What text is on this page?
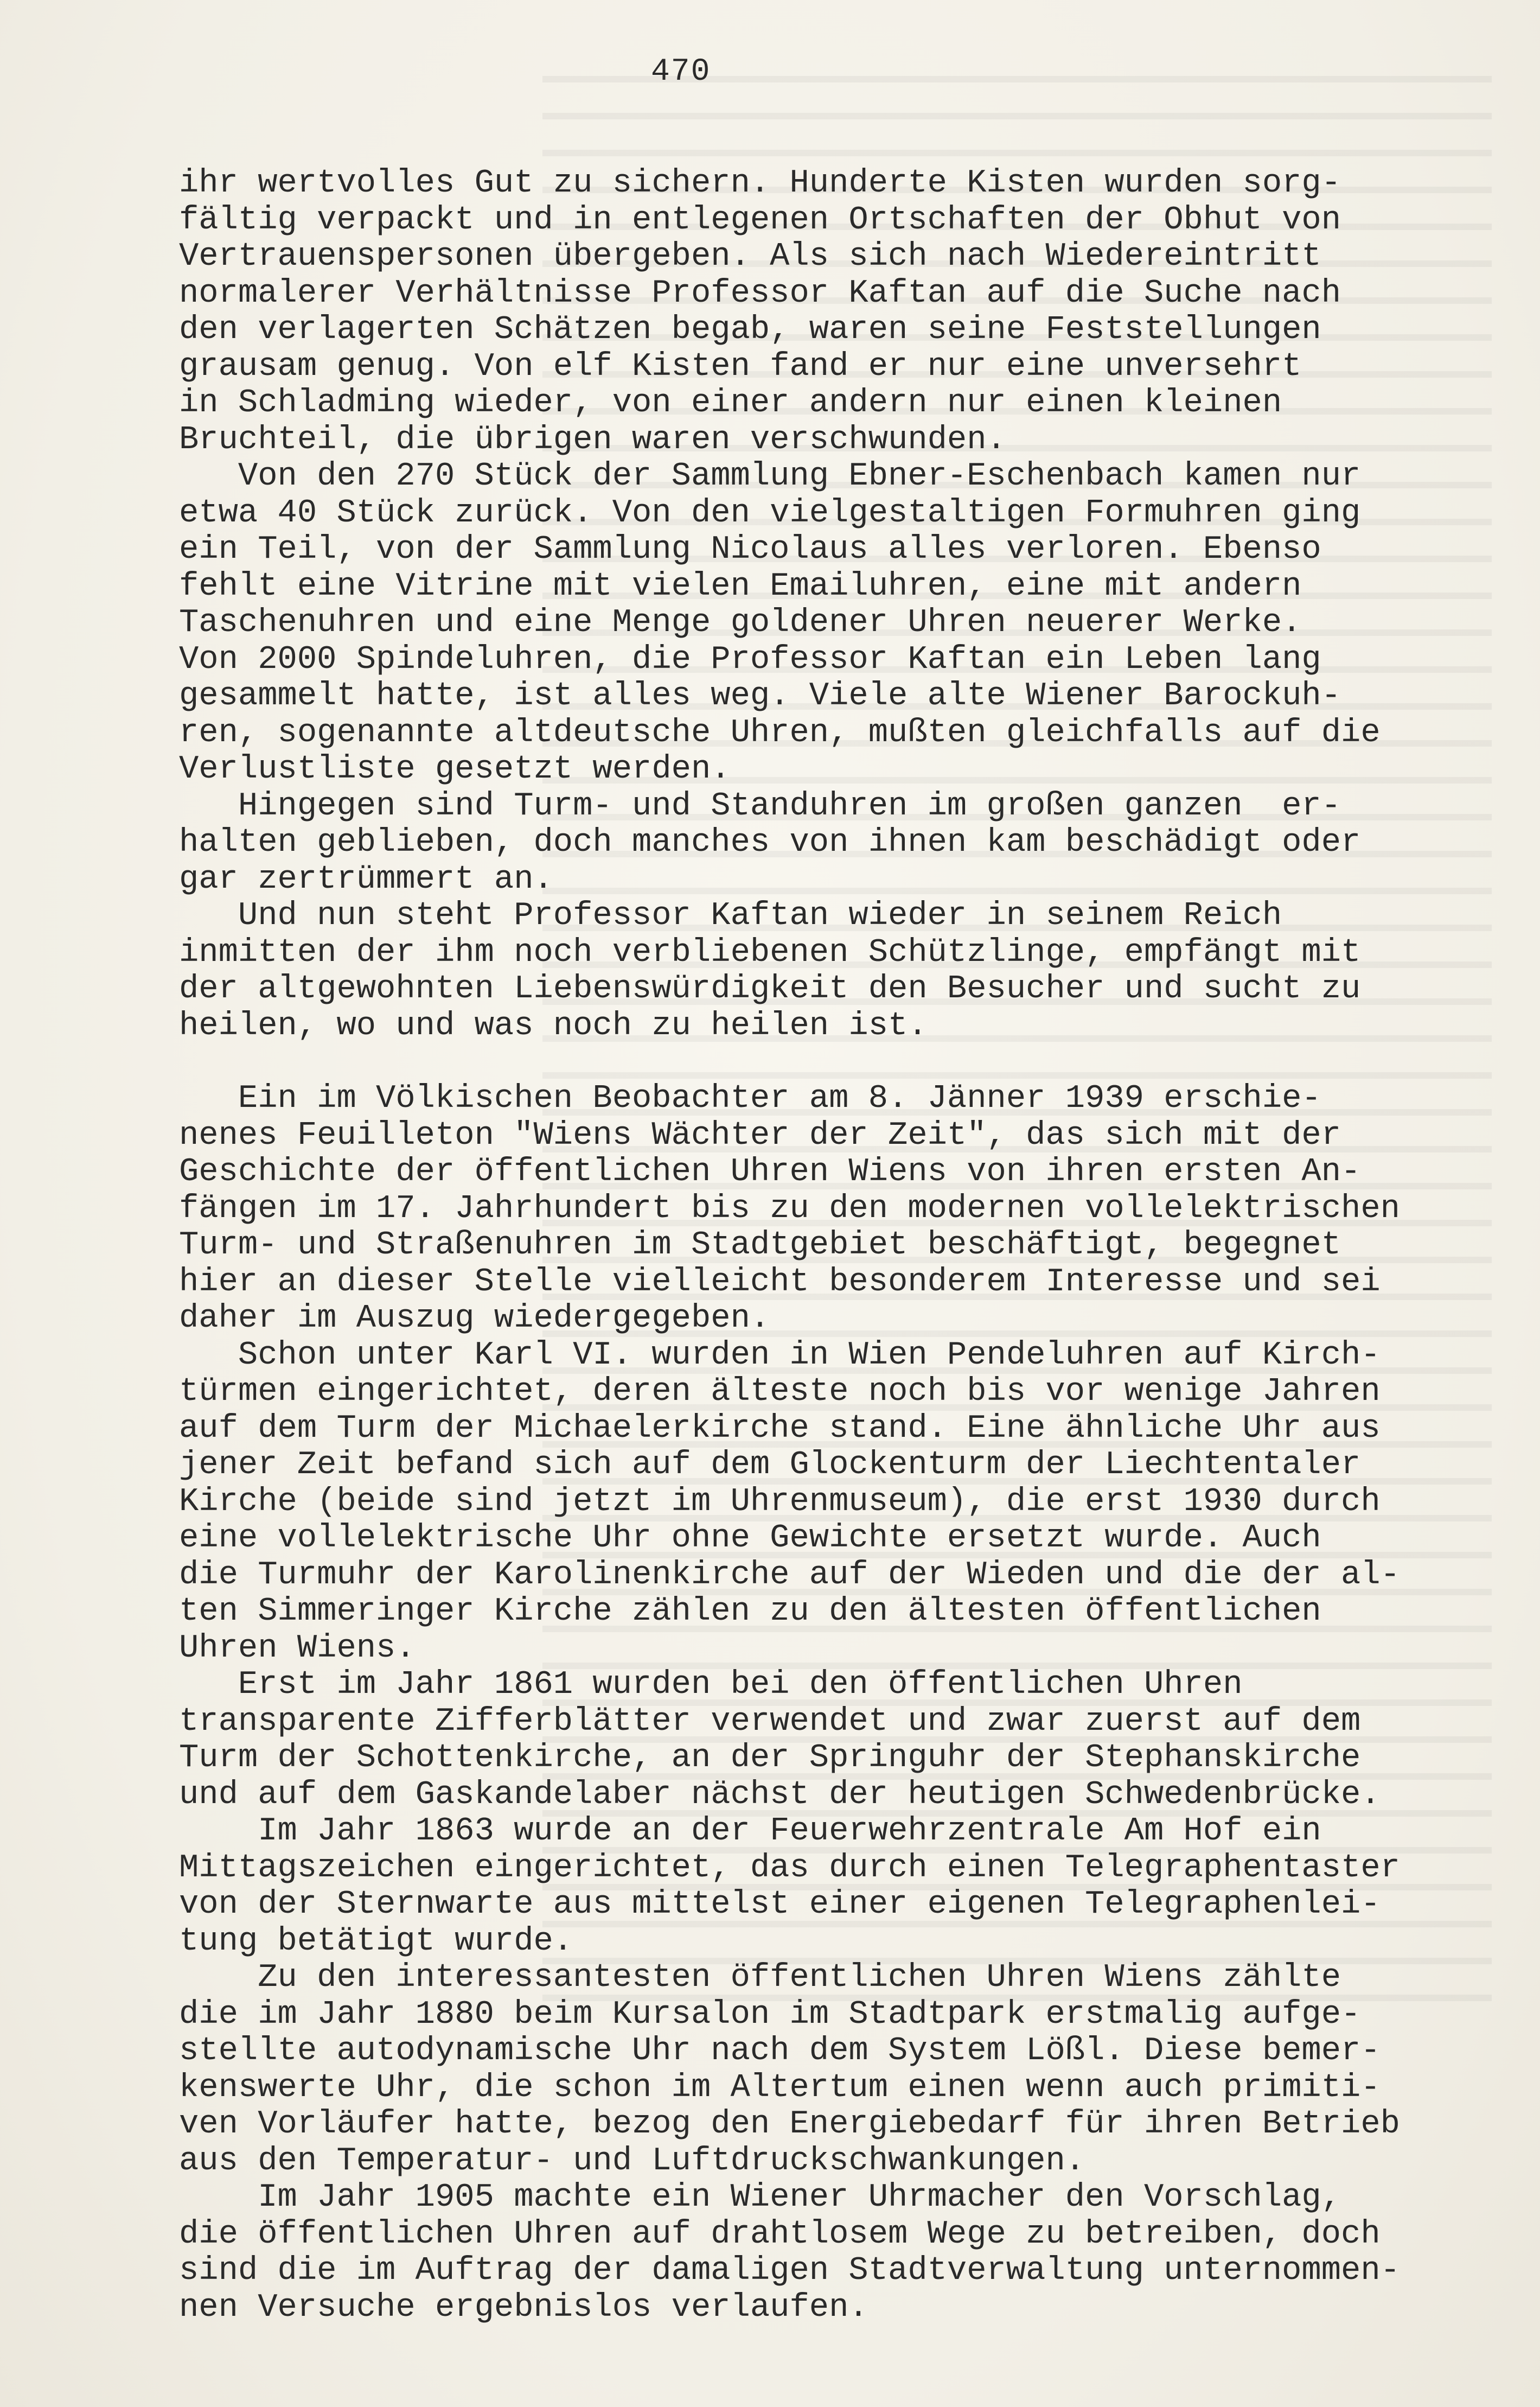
470
ihr wertvolles Gut zu sichern. Hunderte Kisten wurden sorg-
fältig verpackt und in entlegenen Ortschaften der Obhut von
Vertrauenspersonen übergeben. Als sich nach Wiedereintritt
normalerer Verhältnisse Professor Kaftan auf die Suche nach
den verlagerten Schätzen begab, waren seine Feststellungen
grausam genug. Von elf Kisten fand er nur eine unversehrt
in Schladming wieder, von einer andern nur einen kleinen
Bruchteil, die übrigen waren verschwunden.
Von den 270 Stück der Sammlung Ebner-Eschenbach kamen nur
etwa 40 Stück zurück. Von den vielgestaltigen Formuhren ging
ein Teil, von der Sammlung Nicolaus alles verloren. Ebenso
fehlt eine Vitrine mit vielen Emailuhren, eine mit andern
Taschenuhren und eine Menge goldener Uhren neuerer Werke.
Von 2000 Spindeluhren, die Professor Kaftan ein Leben lang
gesammelt hatte, ist alles weg. Viele alte Wiener Barockuh-
ren, sogenannte altdeutsche Uhren, mußten gleichfalls auf die
Verlustliste gesetzt werden.
Hingegen sind Turm- und Standuhren im großen ganzen  er-
halten geblieben, doch manches von ihnen kam beschädigt oder
gar zertrümmert an.
Und nun steht Professor Kaftan wieder in seinem Reich
inmitten der ihm noch verbliebenen Schützlinge, empfängt mit
der altgewohnten Liebenswürdigkeit den Besucher und sucht zu
heilen, wo und was noch zu heilen ist.
Ein im Völkischen Beobachter am 8. Jänner 1939 erschie-
nenes Feuilleton "Wiens Wächter der Zeit", das sich mit der
Geschichte der öffentlichen Uhren Wiens von ihren ersten An-
fängen im 17. Jahrhundert bis zu den modernen vollelektrischen
Turm- und Straßenuhren im Stadtgebiet beschäftigt, begegnet
hier an dieser Stelle vielleicht besonderem Interesse und sei
daher im Auszug wiedergegeben.
Schon unter Karl VI. wurden in Wien Pendeluhren auf Kirch-
türmen eingerichtet, deren älteste noch bis vor wenige Jahren
auf dem Turm der Michaelerkirche stand. Eine ähnliche Uhr aus
jener Zeit befand sich auf dem Glockenturm der Liechtentaler
Kirche (beide sind jetzt im Uhrenmuseum), die erst 1930 durch
eine vollelektrische Uhr ohne Gewichte ersetzt wurde. Auch
die Turmuhr der Karolinenkirche auf der Wieden und die der al-
ten Simmeringer Kirche zählen zu den ältesten öffentlichen
Uhren Wiens.
Erst im Jahr 1861 wurden bei den öffentlichen Uhren
transparente Zifferblätter verwendet und zwar zuerst auf dem
Turm der Schottenkirche, an der Springuhr der Stephanskirche
und auf dem Gaskandelaber nächst der heutigen Schwedenbrücke.
Im Jahr 1863 wurde an der Feuerwehrzentrale Am Hof ein
Mittagszeichen eingerichtet, das durch einen Telegraphentaster
von der Sternwarte aus mittelst einer eigenen Telegraphenlei-
tung betätigt wurde.
Zu den interessantesten öffentlichen Uhren Wiens zählte
die im Jahr 1880 beim Kursalon im Stadtpark erstmalig aufge-
stellte autodynamische Uhr nach dem System Lößl. Diese bemer-
kenswerte Uhr, die schon im Altertum einen wenn auch primiti-
ven Vorläufer hatte, bezog den Energiebedarf für ihren Betrieb
aus den Temperatur- und Luftdruckschwankungen.
Im Jahr 1905 machte ein Wiener Uhrmacher den Vorschlag,
die öffentlichen Uhren auf drahtlosem Wege zu betreiben, doch
sind die im Auftrag der damaligen Stadtverwaltung unternommen-
nen Versuche ergebnislos verlaufen.
